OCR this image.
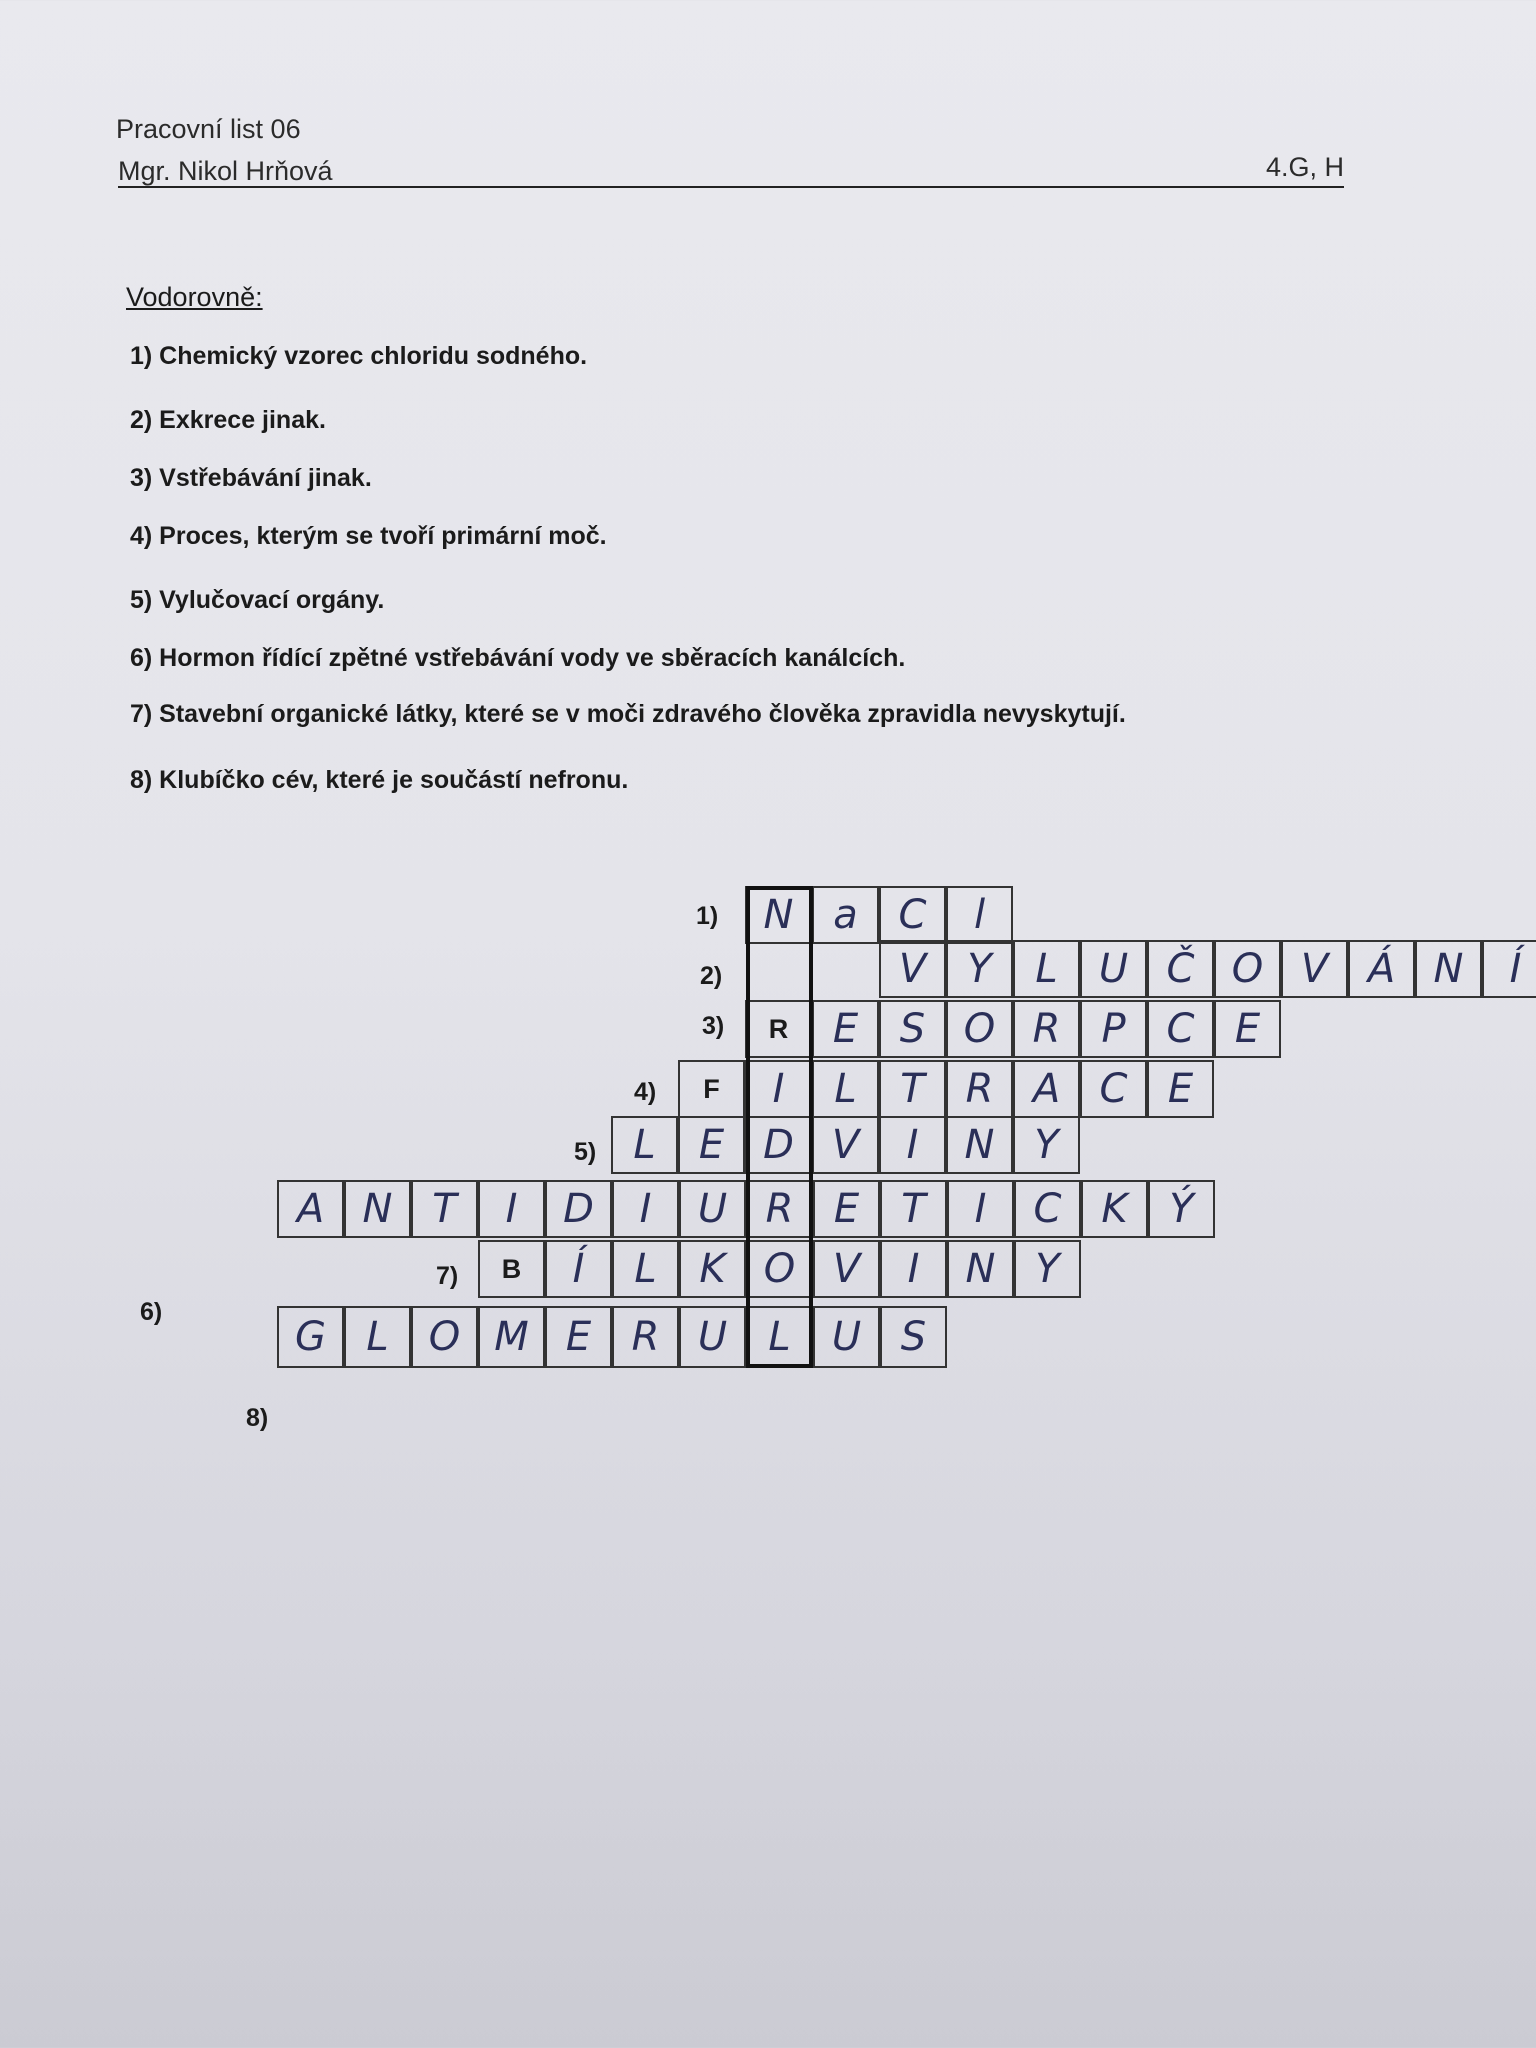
Pracovní list 06
Mgr. Nikol Hrňová	4.G, H
Vodorovně:
1) Chemický vzorec chloridu sodného.
2) Exkrece jinak.
3) Vstřebávání jinak.
4) Proces, kterým se tvoří primární moč.
5) Vylučovací orgány.
6) Hormon řídící zpětné vstřebávání vody ve sběracích kanálcích.
7) Stavební organické látky, které se v moči zdravého člověka zpravidla nevyskytují.
8) Klubíčko cév, které je součástí nefronu.
1)	N a	C	l
2)	V	Y	L	U Č O V Á N	Í
3)	R	E	S O R	P	C	E
4)	F	I	L	T	R A C	E
5) L	E D V	I	N Y
6)
A N T	I	D	I	U R	E	T	I	C K	Ý
7)	B	Í	L	K O V	I	N Y
8)
G	L	O M E	R U	L	U S
